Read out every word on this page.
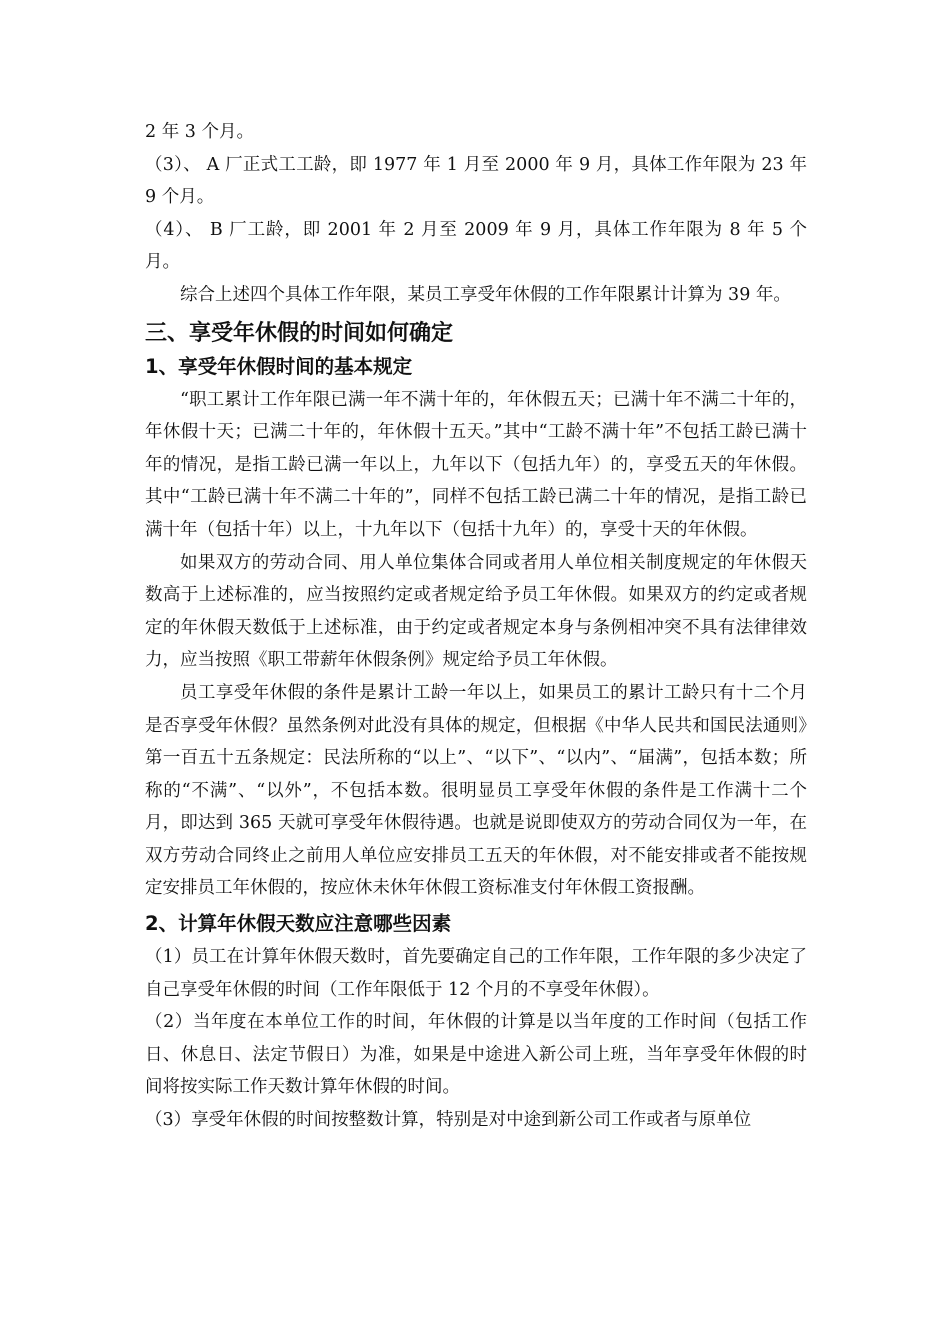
2 年 3 个月。

（3）、 A 厂正式工工龄，即 1977 年 1 月至 2000 年 9 月，具体工作年限为 23 年 9 个月。

（4）、 B 厂工龄，即 2001 年 2 月至 2009 年 9 月，具体工作年限为 8 年 5 个月。

综合上述四个具体工作年限，某员工享受年休假的工作年限累计计算为 39 年。

三、享受年休假的时间如何确定
1、享受年休假时间的基本规定

“职工累计工作年限已满一年不满十年的，年休假五天；已满十年不满二十年的，年休假十天；已满二十年的，年休假十五天。”其中“工龄不满十年”不包括工龄已满十年的情况，是指工龄已满一年以上，九年以下（包括九年）的，享受五天的年休假。其中“工龄已满十年不满二十年的”，同样不包括工龄已满二十年的情况，是指工龄已满十年（包括十年）以上，十九年以下（包括十九年）的，享受十天的年休假。

如果双方的劳动合同、用人单位集体合同或者用人单位相关制度规定的年休假天数高于上述标准的，应当按照约定或者规定给予员工年休假。如果双方的约定或者规定的年休假天数低于上述标准，由于约定或者规定本身与条例相冲突不具有法律律效力，应当按照《职工带薪年休假条例》规定给予员工年休假。

员工享受年休假的条件是累计工龄一年以上，如果员工的累计工龄只有十二个月是否享受年休假？虽然条例对此没有具体的规定，但根据《中华人民共和国民法通则》第一百五十五条规定：民法所称的“以上”、“以下”、“以内”、“届满”，包括本数；所称的“不满”、“以外”，不包括本数。很明显员工享受年休假的条件是工作满十二个月，即达到 365 天就可享受年休假待遇。也就是说即使双方的劳动合同仅为一年，在双方劳动合同终止之前用人单位应安排员工五天的年休假，对不能安排或者不能按规定安排员工年休假的，按应休未休年休假工资标准支付年休假工资报酬。

2、计算年休假天数应注意哪些因素

（1）员工在计算年休假天数时，首先要确定自己的工作年限，工作年限的多少决定了自己享受年休假的时间（工作年限低于 12 个月的不享受年休假）。

（2）当年度在本单位工作的时间，年休假的计算是以当年度的工作时间（包括工作日、休息日、法定节假日）为准，如果是中途进入新公司上班，当年享受年休假的时间将按实际工作天数计算年休假的时间。

（3）享受年休假的时间按整数计算，特别是对中途到新公司工作或者与原单位
